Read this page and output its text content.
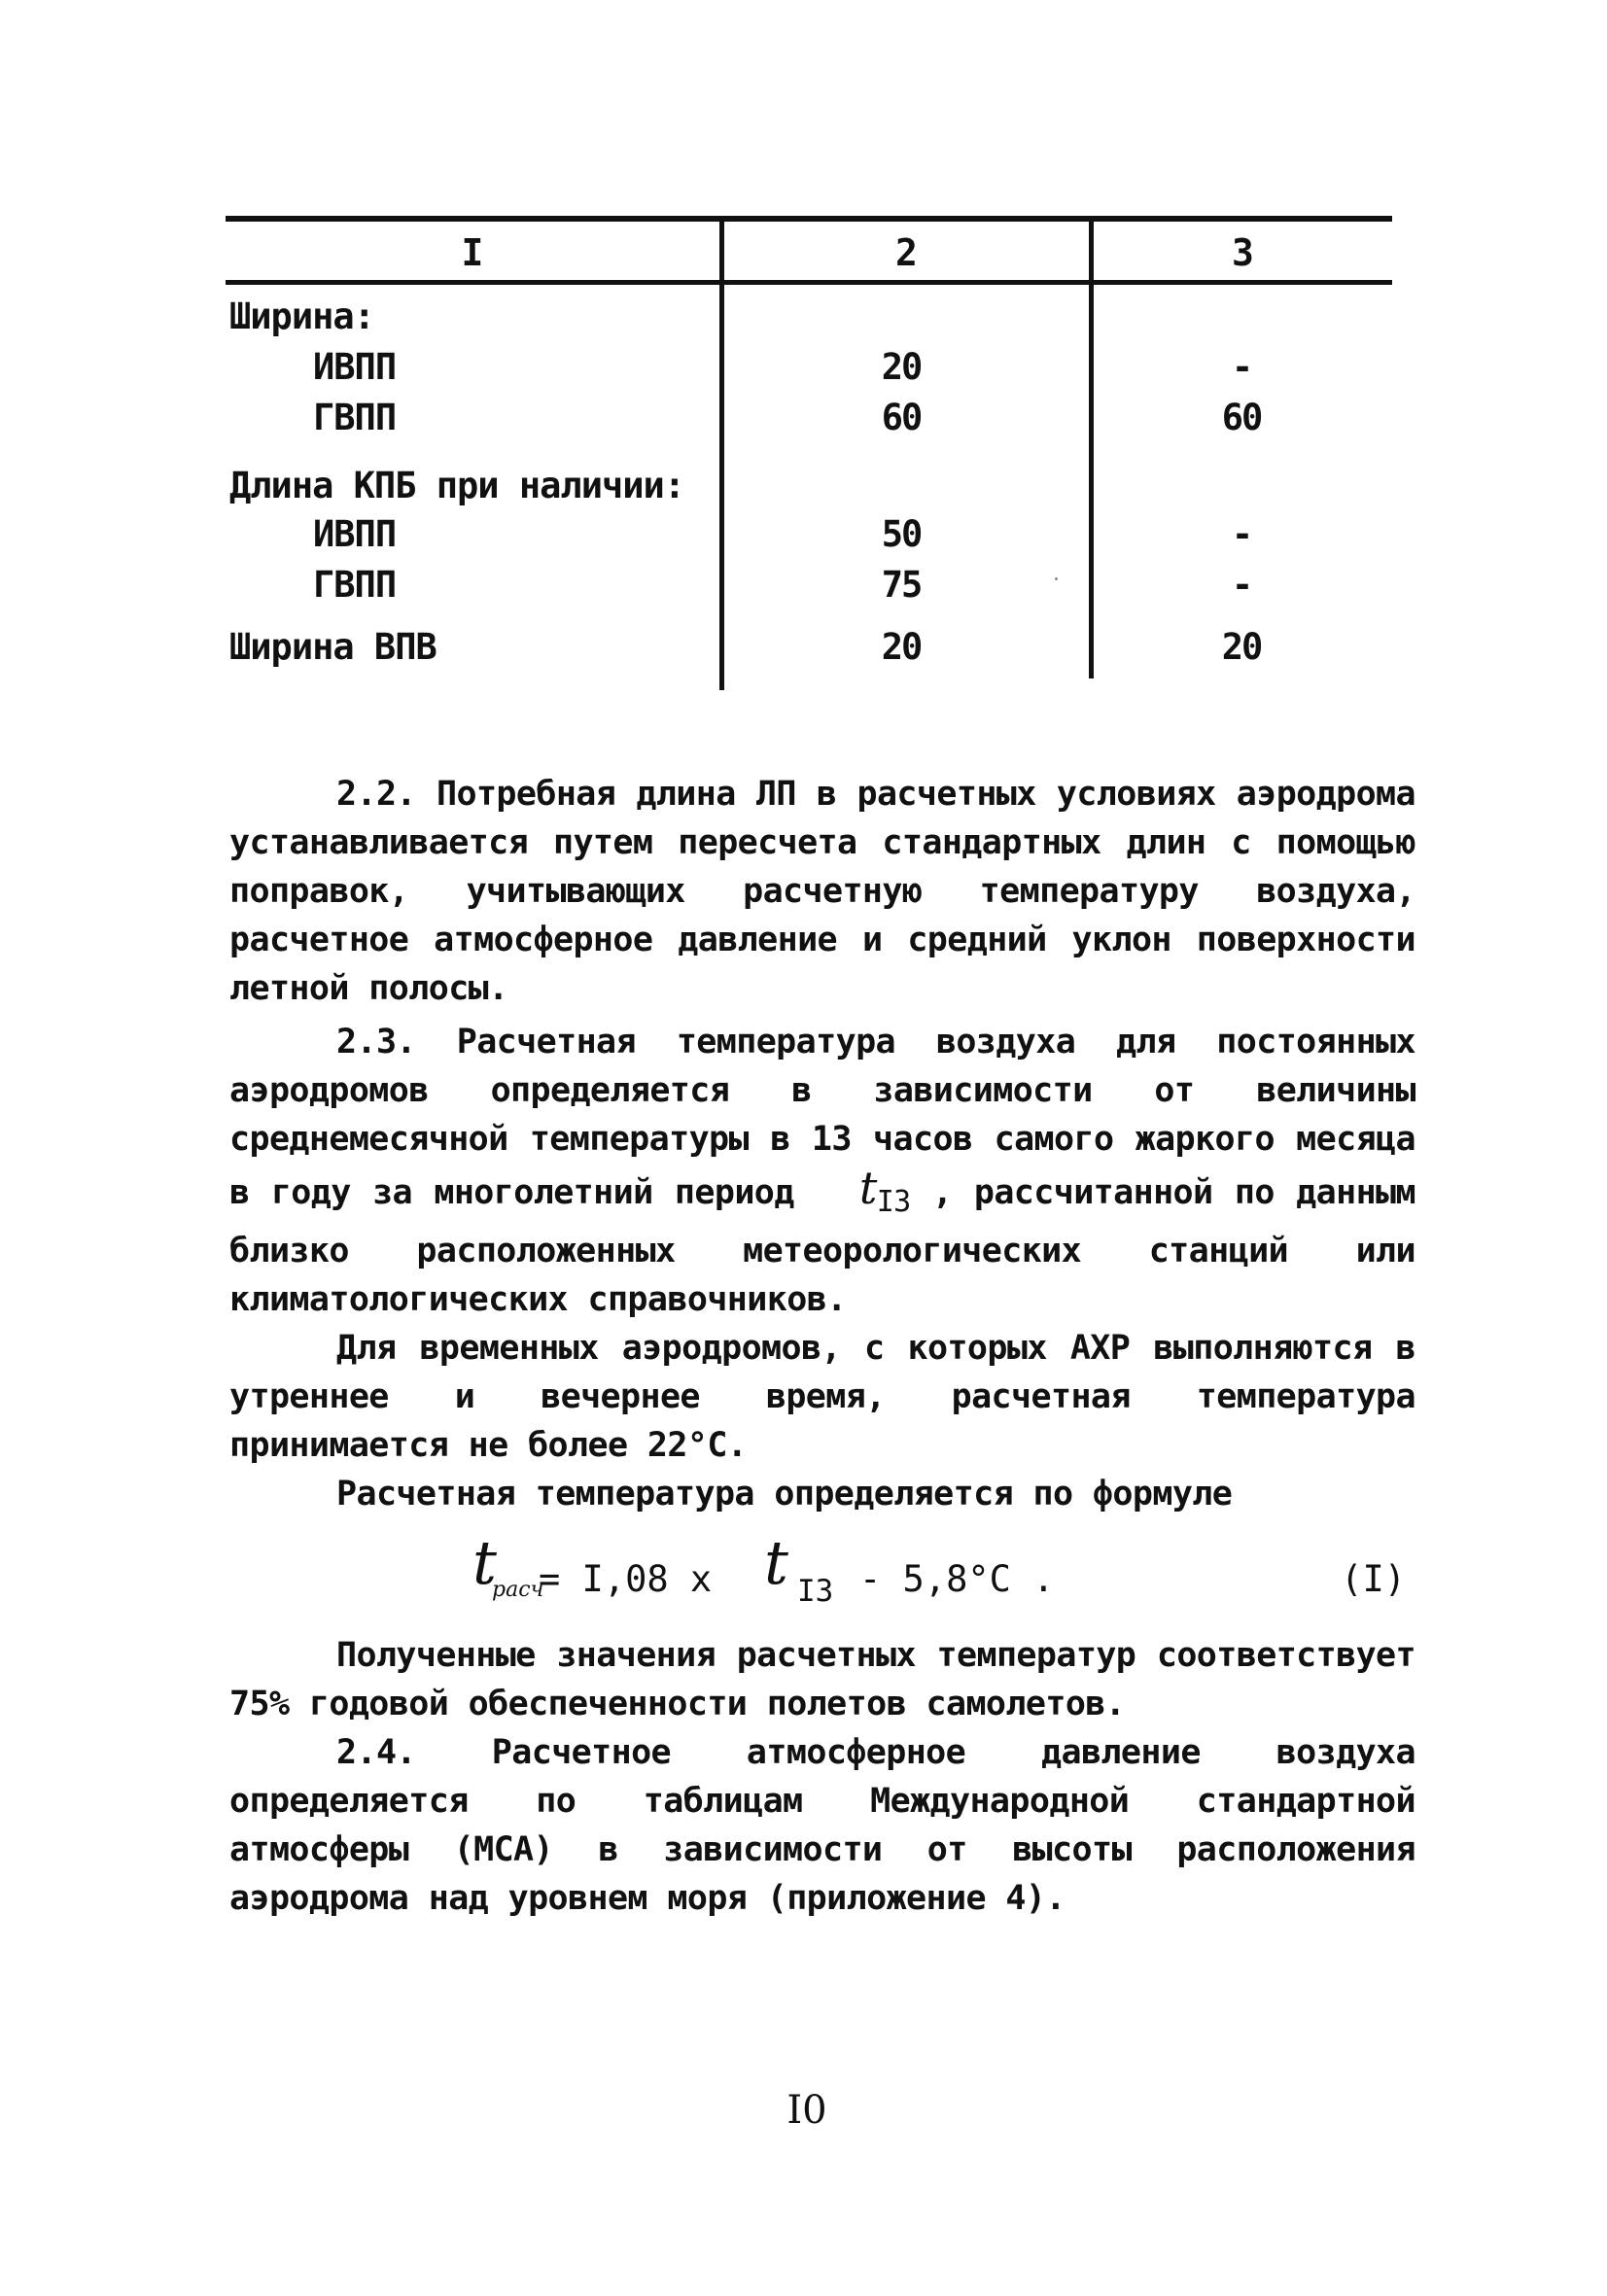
I	2	3
Ширина:
ИВПП	20	-
ГВПП	60	60
Длина КПБ при наличии:
ИВПП	50	-
ГВПП	75	-
Ширина ВПВ	20	20

2.2. Потребная длина ЛП в расчетных условиях аэродрома устанавливается путем пересчета стандартных длин с помощью поправок, учитывающих расчетную температуру воздуха, расчетное атмосферное давление и средний уклон поверхности летной полосы.

2.3. Расчетная температура воздуха для постоянных аэродромов определяется в зависимости от величины среднемесячной температуры в 13 часов самого жаркого месяца в году за многолетний период $t_{I3}$ , рассчитанной по данным близко расположенных метеорологических станций или климатологических справочников.

Для временных аэродромов, с которых АХР выполняются в утреннее и вечернее время, расчетная температура принимается не более 22°С.

Расчетная температура определяется по формуле

t
расч
= I,08 x t I3 - 5,8°С .	(I)

Полученные значения расчетных температур соответствует 75% годовой обеспеченности полетов самолетов.

2.4. Расчетное атмосферное давление воздуха определяется по таблицам Международной стандартной атмосферы (МСА) в зависимости от высоты расположения аэродрома над уровнем моря (приложение 4).

I0
